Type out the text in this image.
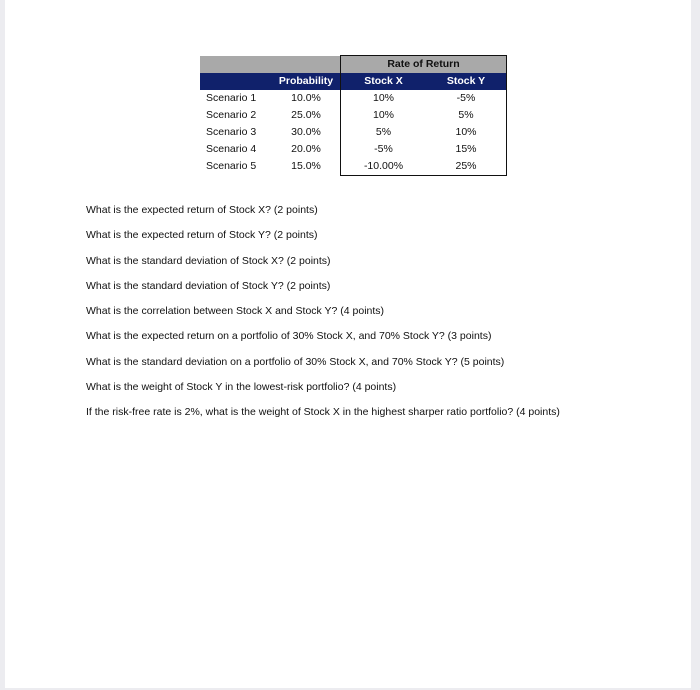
		Rate of Return	
	Probability	Stock X	Stock Y
Scenario 1	10.0%	10%	-5%
Scenario 2	25.0%	10%	5%
Scenario 3	30.0%	5%	10%
Scenario 4	20.0%	-5%	15%
Scenario 5	15.0%	-10.00%	25%
What is the expected return of Stock X? (2 points)
What is the expected return of Stock Y? (2 points)
What is the standard deviation of Stock X? (2 points)
What is the standard deviation of Stock Y? (2 points)
What is the correlation between Stock X and Stock Y? (4 points)
What is the expected return on a portfolio of 30% Stock X, and 70% Stock Y? (3 points)
What is the standard deviation on a portfolio of 30% Stock X, and 70% Stock Y? (5 points)
What is the weight of Stock Y in the lowest-risk portfolio? (4 points)
If the risk-free rate is 2%, what is the weight of Stock X in the highest sharper ratio portfolio? (4 points)
